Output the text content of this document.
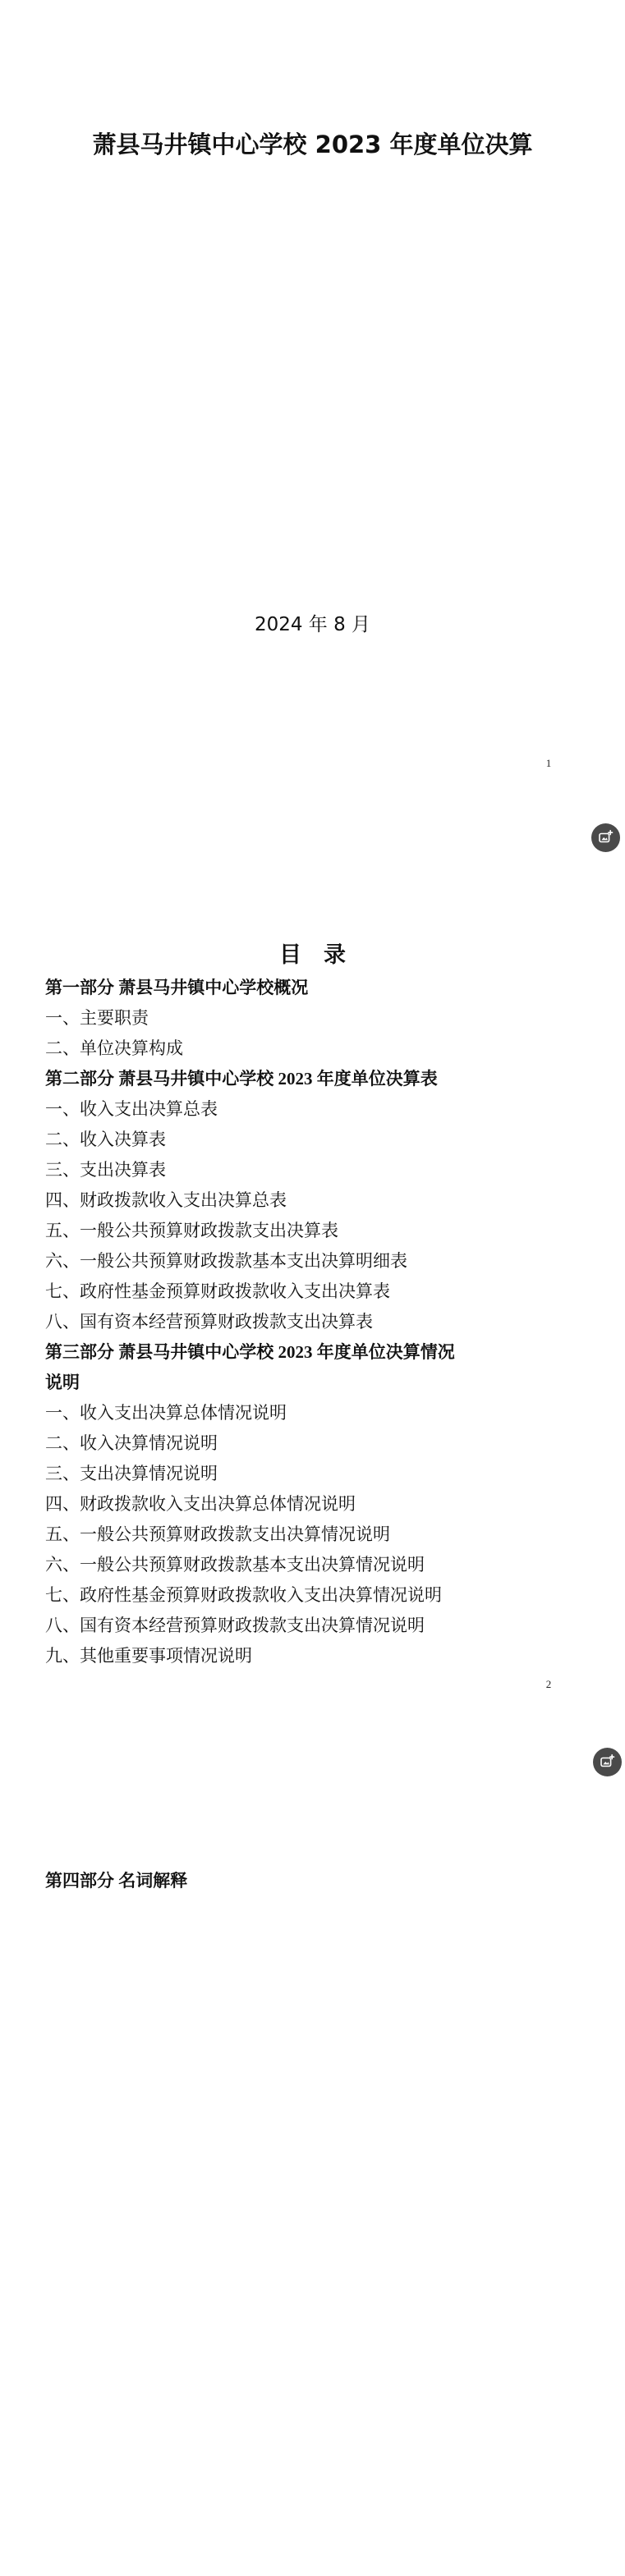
萧县马井镇中心学校 2023 年度单位决算
2024 年 8 月
1
目　录
第一部分 萧县马井镇中心学校概况
一、主要职责
二、单位决算构成
第二部分 萧县马井镇中心学校 2023 年度单位决算表
一、收入支出决算总表
二、收入决算表
三、支出决算表
四、财政拨款收入支出决算总表
五、一般公共预算财政拨款支出决算表
六、一般公共预算财政拨款基本支出决算明细表
七、政府性基金预算财政拨款收入支出决算表
八、国有资本经营预算财政拨款支出决算表
第三部分 萧县马井镇中心学校 2023 年度单位决算情况
说明
一、收入支出决算总体情况说明
二、收入决算情况说明
三、支出决算情况说明
四、财政拨款收入支出决算总体情况说明
五、一般公共预算财政拨款支出决算情况说明
六、一般公共预算财政拨款基本支出决算情况说明
七、政府性基金预算财政拨款收入支出决算情况说明
八、国有资本经营预算财政拨款支出决算情况说明
九、其他重要事项情况说明
2
第四部分 名词解释
